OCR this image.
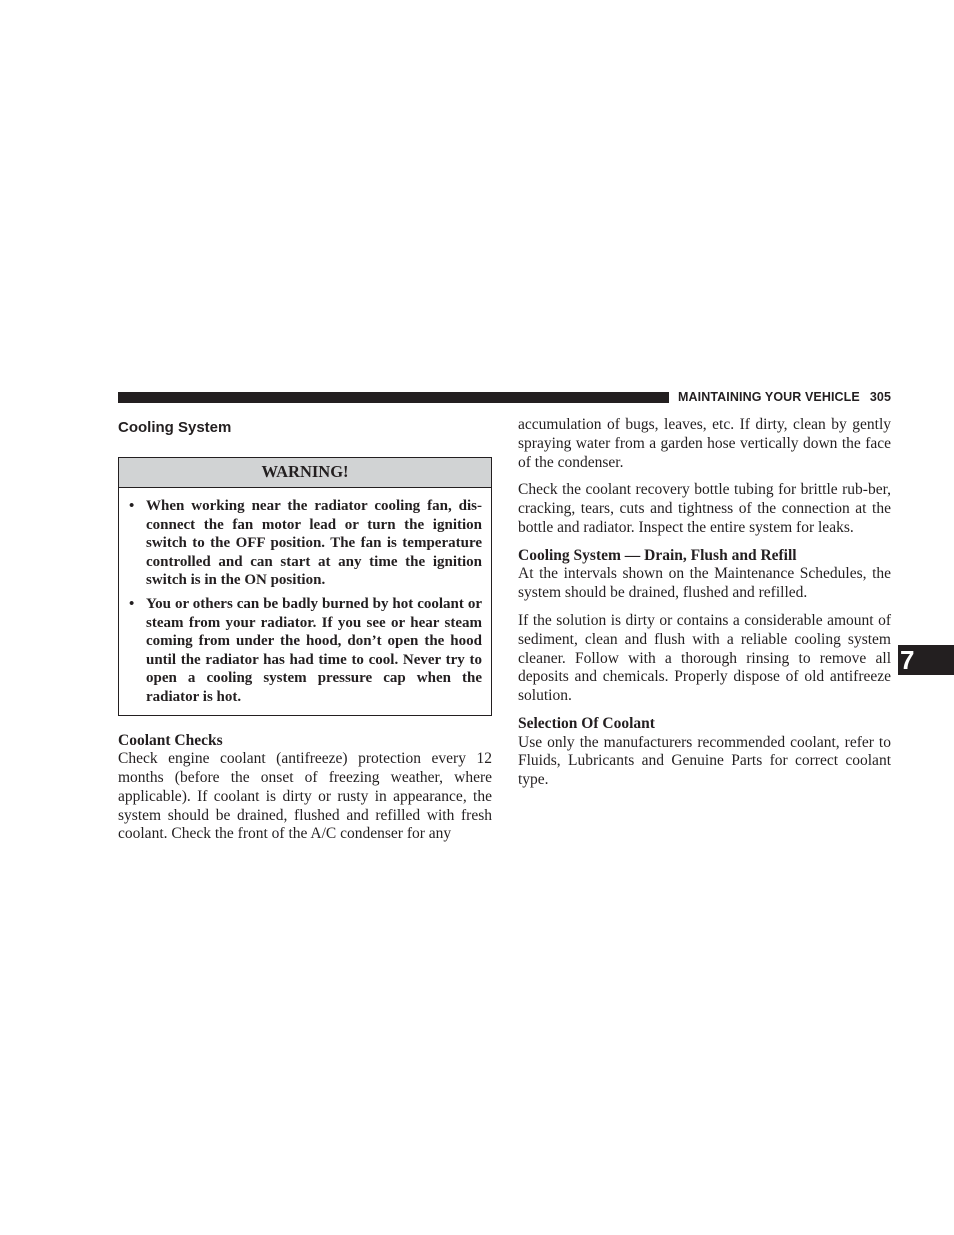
MAINTAINING YOUR VEHICLE 305
Cooling System
WARNING!
• When working near the radiator cooling fan, dis-connect the fan motor lead or turn the ignition switch to the OFF position. The fan is temperature controlled and can start at any time the ignition switch is in the ON position.
• You or others can be badly burned by hot coolant or steam from your radiator. If you see or hear steam coming from under the hood, don’t open the hood until the radiator has had time to cool. Never try to open a cooling system pressure cap when the radiator is hot.
Coolant Checks

Check engine coolant (antifreeze) protection every 12 months (before the onset of freezing weather, where applicable). If coolant is dirty or rusty in appearance, the system should be drained, flushed and refilled with fresh coolant. Check the front of the A/C condenser for any

accumulation of bugs, leaves, etc. If dirty, clean by gently spraying water from a garden hose vertically down the face of the condenser.

Check the coolant recovery bottle tubing for brittle rub-ber, cracking, tears, cuts and tightness of the connection at the bottle and radiator. Inspect the entire system for leaks.

Cooling System — Drain, Flush and Refill

At the intervals shown on the Maintenance Schedules, the system should be drained, flushed and refilled.

If the solution is dirty or contains a considerable amount of sediment, clean and flush with a reliable cooling system cleaner. Follow with a thorough rinsing to remove all deposits and chemicals. Properly dispose of old antifreeze solution.

Selection Of Coolant

Use only the manufacturers recommended coolant, refer to Fluids, Lubricants and Genuine Parts for correct coolant type.

7
